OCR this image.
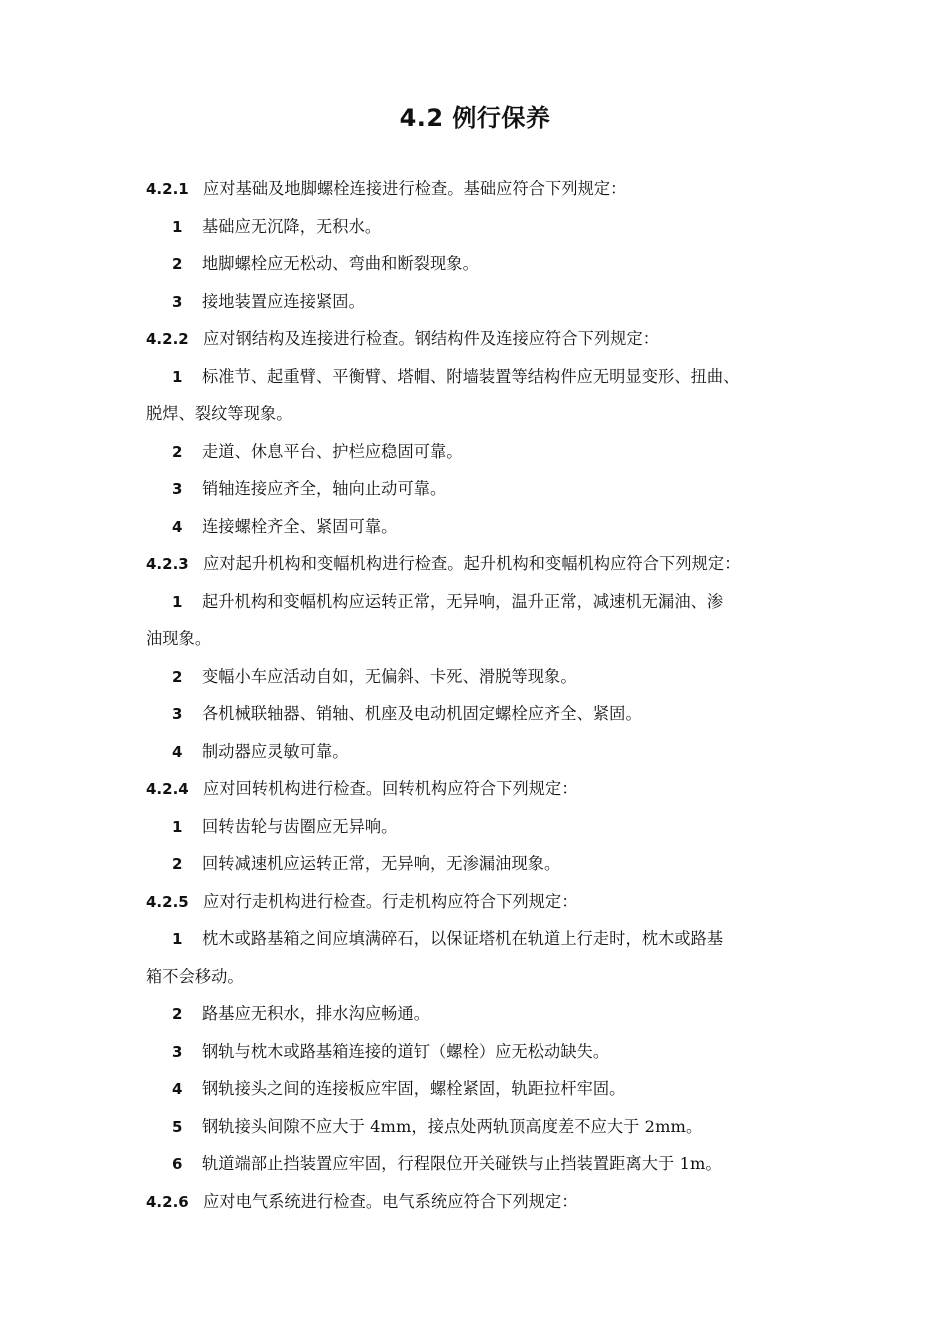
4.2 例行保养
4.2.1 应对基础及地脚螺栓连接进行检查。基础应符合下列规定：
1 基础应无沉降，无积水。
2 地脚螺栓应无松动、弯曲和断裂现象。
3 接地装置应连接紧固。
4.2.2 应对钢结构及连接进行检查。钢结构件及连接应符合下列规定：
1 标准节、起重臂、平衡臂、塔帽、附墙装置等结构件应无明显变形、扭曲、
脱焊、裂纹等现象。
2 走道、休息平台、护栏应稳固可靠。
3 销轴连接应齐全，轴向止动可靠。
4 连接螺栓齐全、紧固可靠。
4.2.3 应对起升机构和变幅机构进行检查。起升机构和变幅机构应符合下列规定：
1 起升机构和变幅机构应运转正常，无异响，温升正常，减速机无漏油、渗
油现象。
2 变幅小车应活动自如，无偏斜、卡死、滑脱等现象。
3 各机械联轴器、销轴、机座及电动机固定螺栓应齐全、紧固。
4 制动器应灵敏可靠。
4.2.4 应对回转机构进行检查。回转机构应符合下列规定：
1 回转齿轮与齿圈应无异响。
2 回转减速机应运转正常，无异响，无渗漏油现象。
4.2.5 应对行走机构进行检查。行走机构应符合下列规定：
1 枕木或路基箱之间应填满碎石，以保证塔机在轨道上行走时，枕木或路基
箱不会移动。
2 路基应无积水，排水沟应畅通。
3 钢轨与枕木或路基箱连接的道钉（螺栓）应无松动缺失。
4 钢轨接头之间的连接板应牢固，螺栓紧固，轨距拉杆牢固。
5 钢轨接头间隙不应大于 4mm，接点处两轨顶高度差不应大于 2mm。
6 轨道端部止挡装置应牢固，行程限位开关碰铁与止挡装置距离大于 1m。
4.2.6 应对电气系统进行检查。电气系统应符合下列规定：
